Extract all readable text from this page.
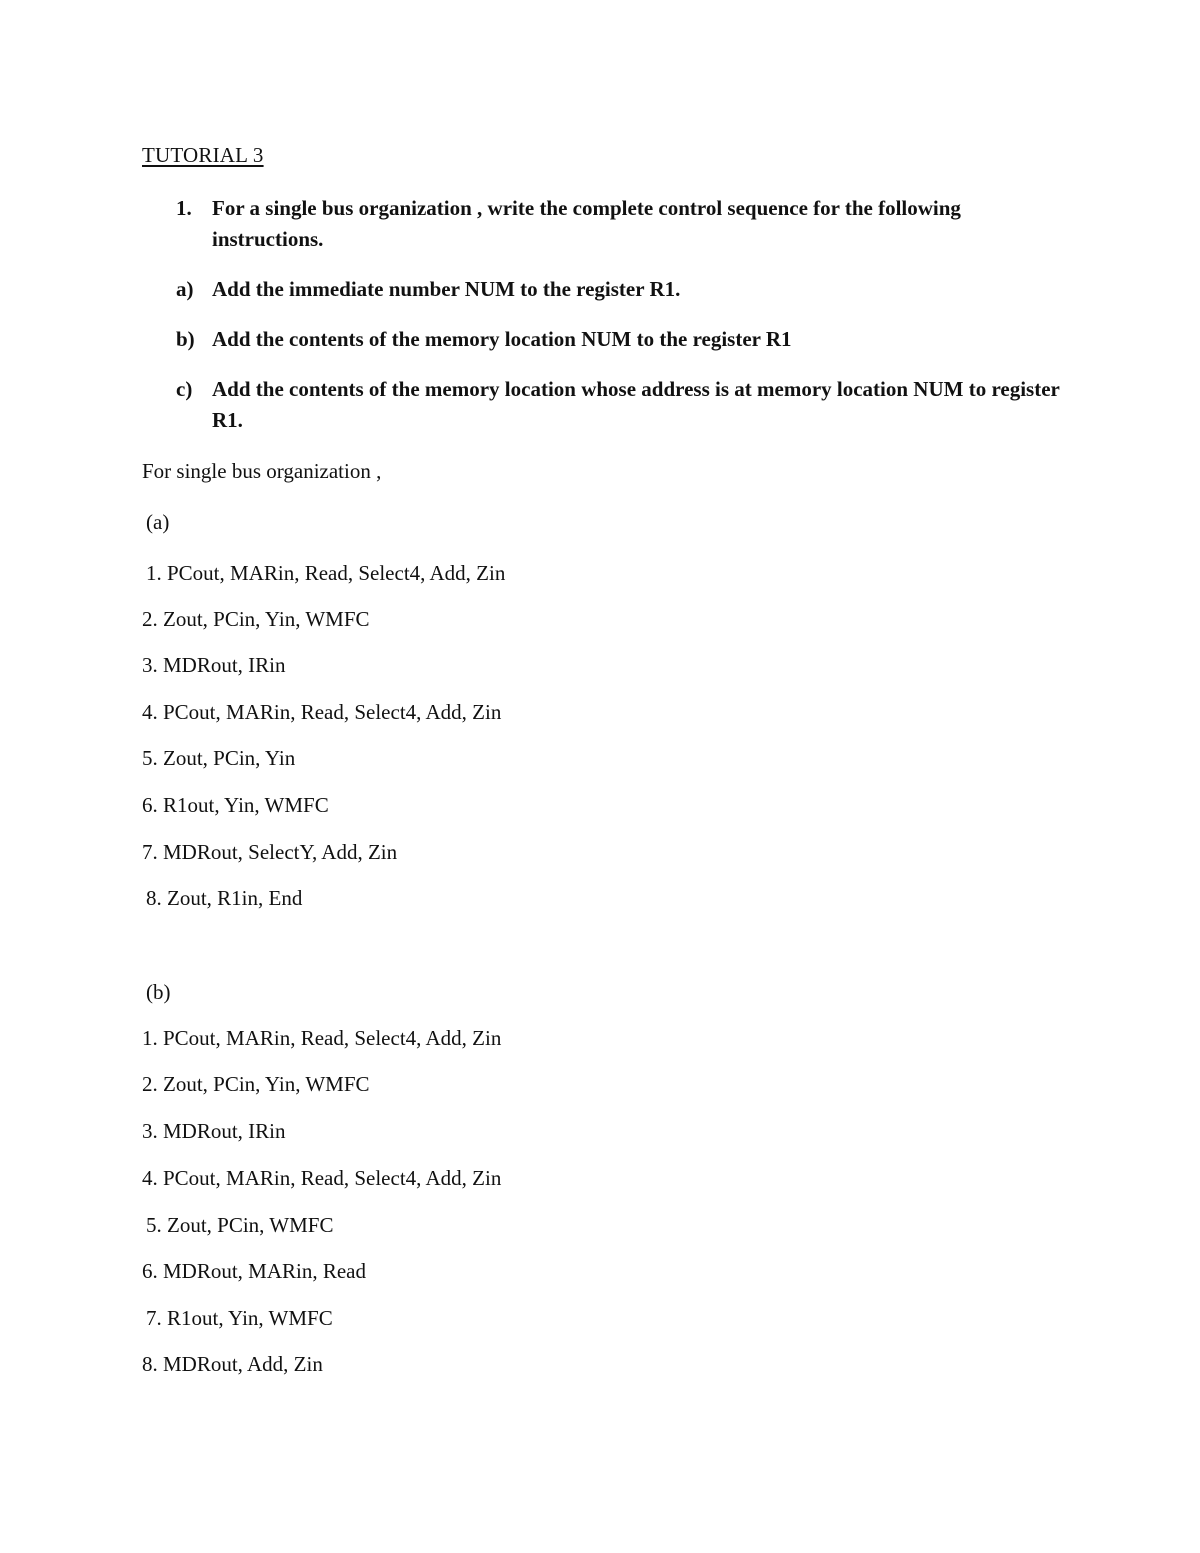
TUTORIAL 3
1. For a single bus organization , write the complete control sequence for the following instructions.
a) Add the immediate number NUM to the register R1.
b) Add the contents of the memory location NUM to the register R1
c) Add the contents of the memory location whose address is at memory location NUM to register R1.
For single bus organization ,
(a)
1. PCout, MARin, Read, Select4, Add, Zin
2. Zout, PCin, Yin, WMFC
3. MDRout, IRin
4. PCout, MARin, Read, Select4, Add, Zin
5. Zout, PCin, Yin
6. R1out, Yin, WMFC
7. MDRout, SelectY, Add, Zin
8. Zout, R1in, End
(b)
1. PCout, MARin, Read, Select4, Add, Zin
2. Zout, PCin, Yin, WMFC
3. MDRout, IRin
4. PCout, MARin, Read, Select4, Add, Zin
5. Zout, PCin, WMFC
6. MDRout, MARin, Read
7. R1out, Yin, WMFC
8. MDRout, Add, Zin
